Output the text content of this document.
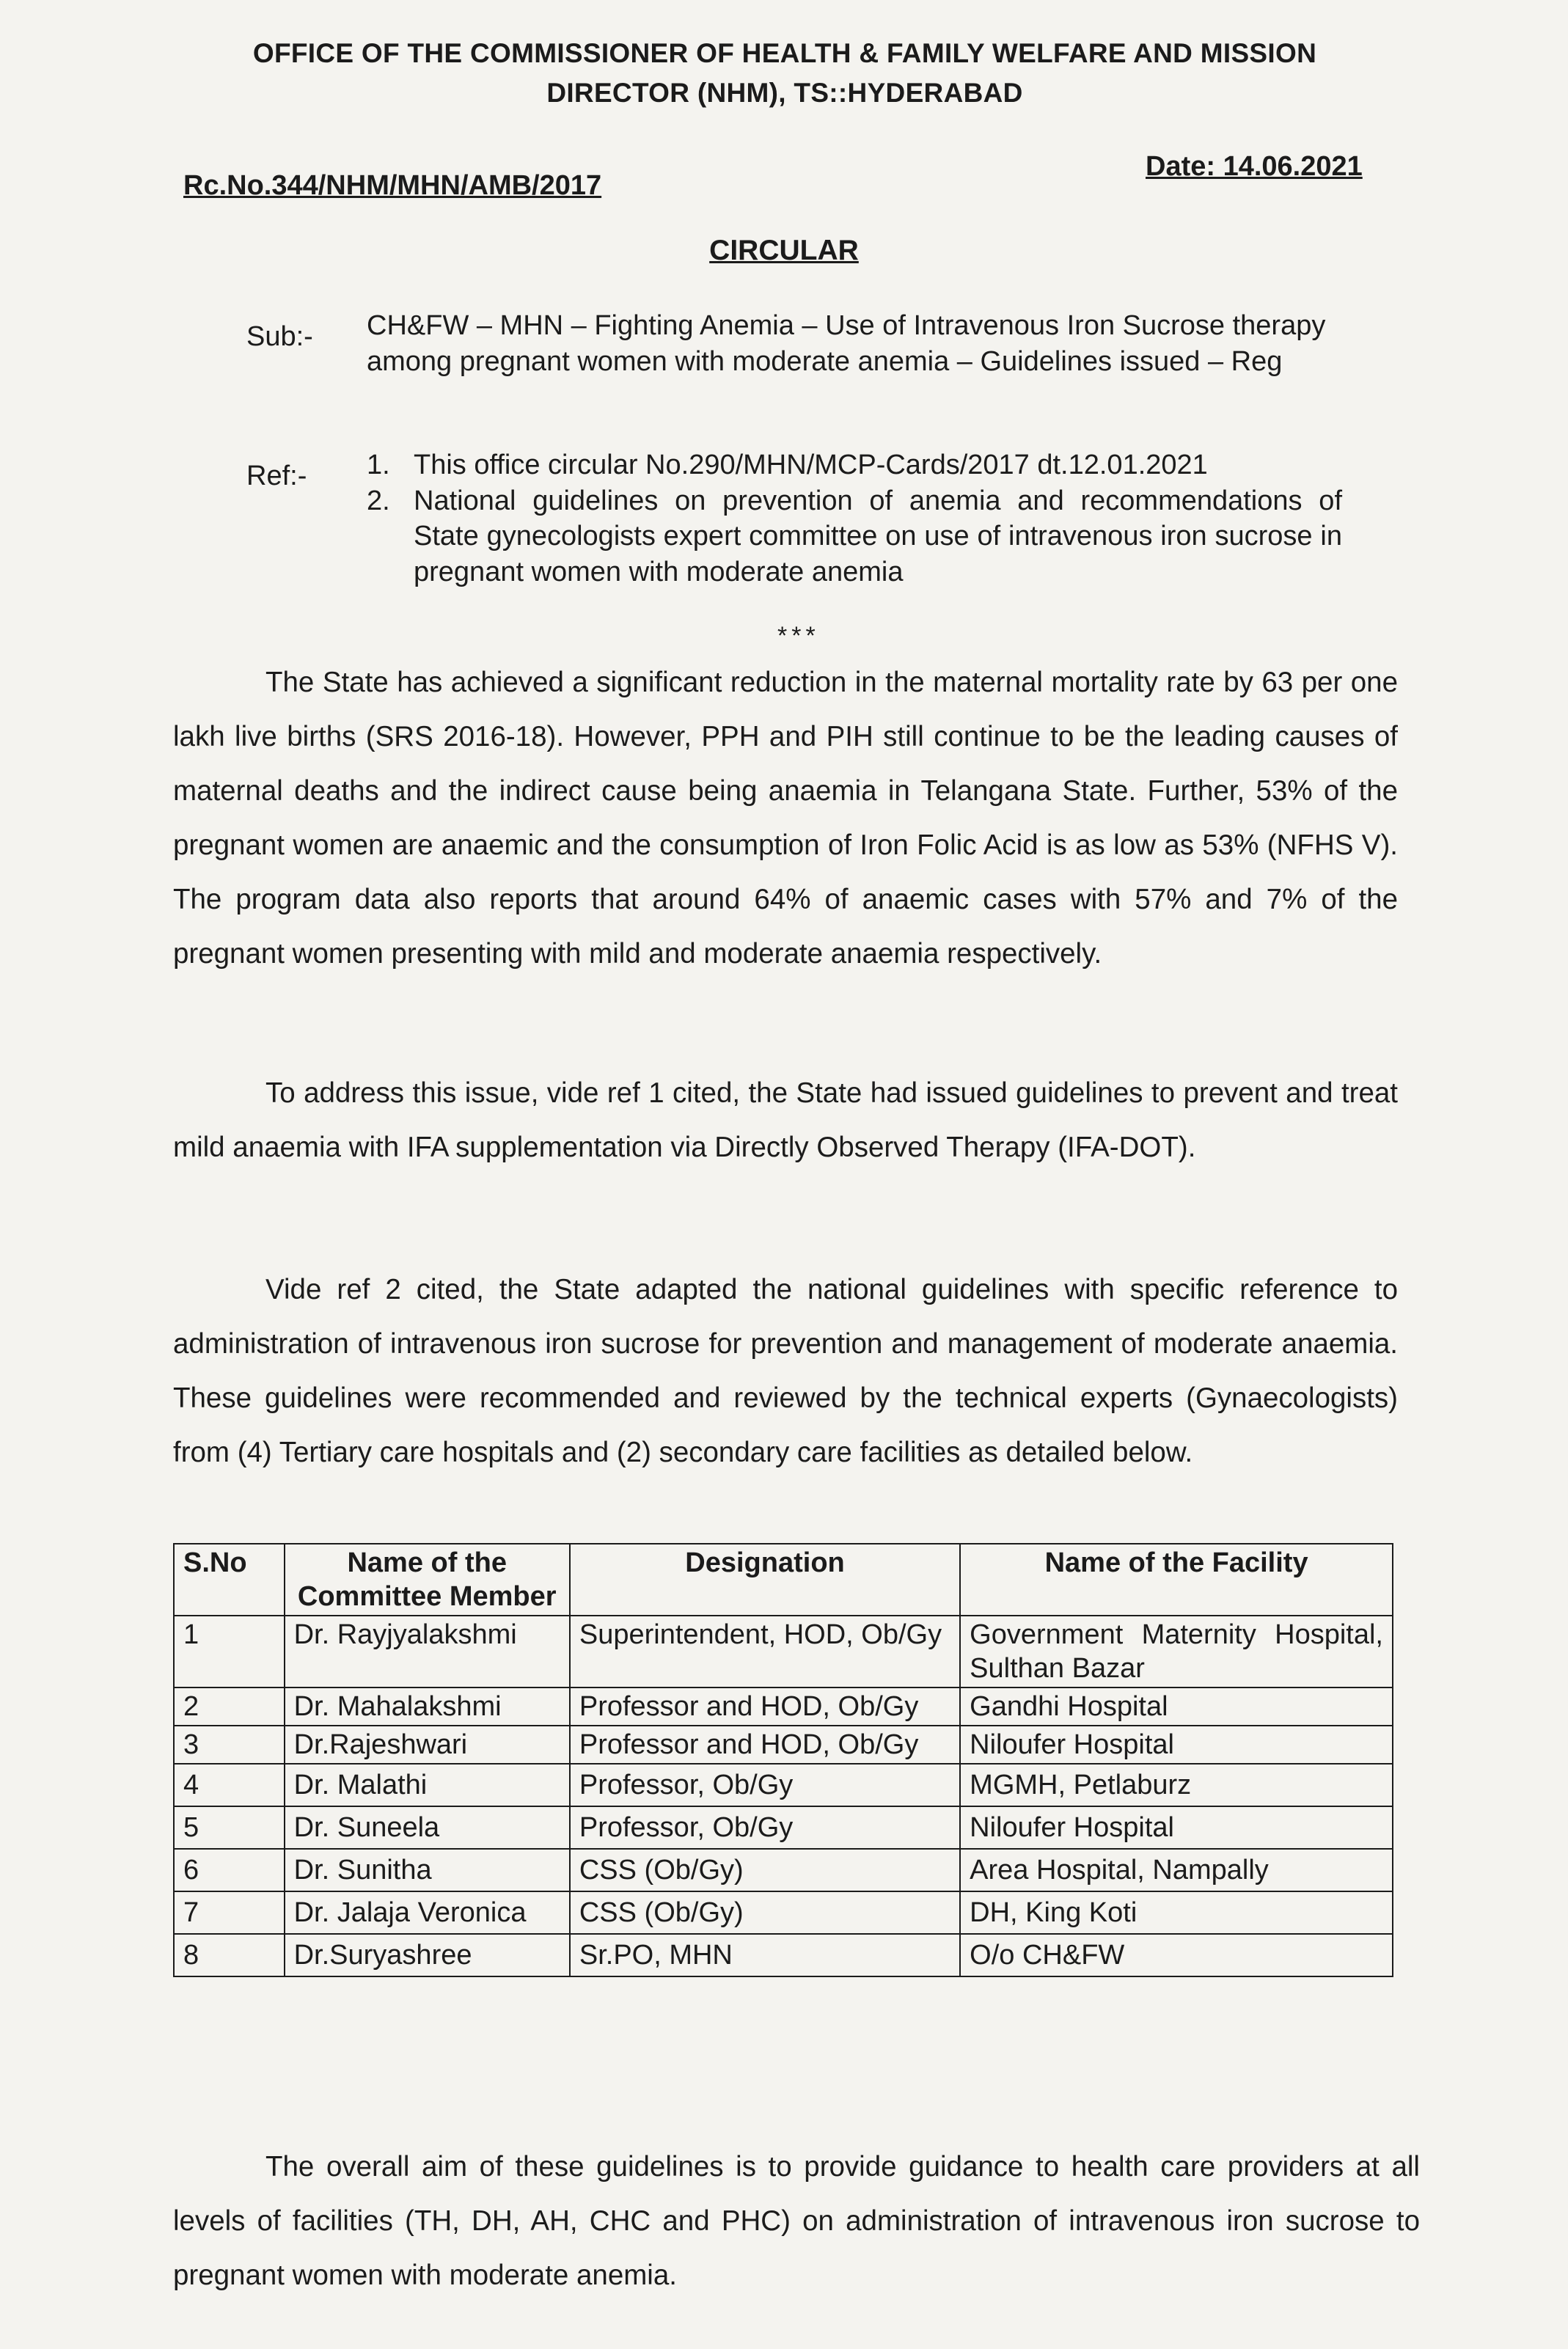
OFFICE OF THE COMMISSIONER OF HEALTH & FAMILY WELFARE AND MISSION
DIRECTOR (NHM), TS::HYDERABAD
Rc.No.344/NHM/MHN/AMB/2017
Date: 14.06.2021
CIRCULAR
Sub:- CH&FW – MHN – Fighting Anemia – Use of Intravenous Iron Sucrose therapy among pregnant women with moderate anemia – Guidelines issued – Reg
Ref:- 1. This office circular No.290/MHN/MCP-Cards/2017 dt.12.01.2021
2. National guidelines on prevention of anemia and recommendations of State gynecologists expert committee on use of intravenous iron sucrose in pregnant women with moderate anemia
***

The State has achieved a significant reduction in the maternal mortality rate by 63 per one lakh live births (SRS 2016-18). However, PPH and PIH still continue to be the leading causes of maternal deaths and the indirect cause being anaemia in Telangana State. Further, 53% of the pregnant women are anaemic and the consumption of Iron Folic Acid is as low as 53% (NFHS V). The program data also reports that around 64% of anaemic cases with 57% and 7% of the pregnant women presenting with mild and moderate anaemia respectively.

To address this issue, vide ref 1 cited, the State had issued guidelines to prevent and treat mild anaemia with IFA supplementation via Directly Observed Therapy (IFA-DOT).

Vide ref 2 cited, the State adapted the national guidelines with specific reference to administration of intravenous iron sucrose for prevention and management of moderate anaemia. These guidelines were recommended and reviewed by the technical experts (Gynaecologists) from (4) Tertiary care hospitals and (2) secondary care facilities as detailed below.

S.No	Name of the Committee Member	Designation	Name of the Facility
1	Dr. Rayjyalakshmi	Superintendent, HOD, Ob/Gy	Government Maternity Hospital, Sulthan Bazar
2	Dr. Mahalakshmi	Professor and HOD, Ob/Gy	Gandhi Hospital
3	Dr.Rajeshwari	Professor and HOD, Ob/Gy	Niloufer Hospital
4	Dr. Malathi	Professor, Ob/Gy	MGMH, Petlaburz
5	Dr. Suneela	Professor, Ob/Gy	Niloufer Hospital
6	Dr. Sunitha	CSS (Ob/Gy)	Area Hospital, Nampally
7	Dr. Jalaja Veronica	CSS (Ob/Gy)	DH, King Koti
8	Dr.Suryashree	Sr.PO, MHN	O/o CH&FW

The overall aim of these guidelines is to provide guidance to health care providers at all levels of facilities (TH, DH, AH, CHC and PHC) on administration of intravenous iron sucrose to pregnant women with moderate anemia.
